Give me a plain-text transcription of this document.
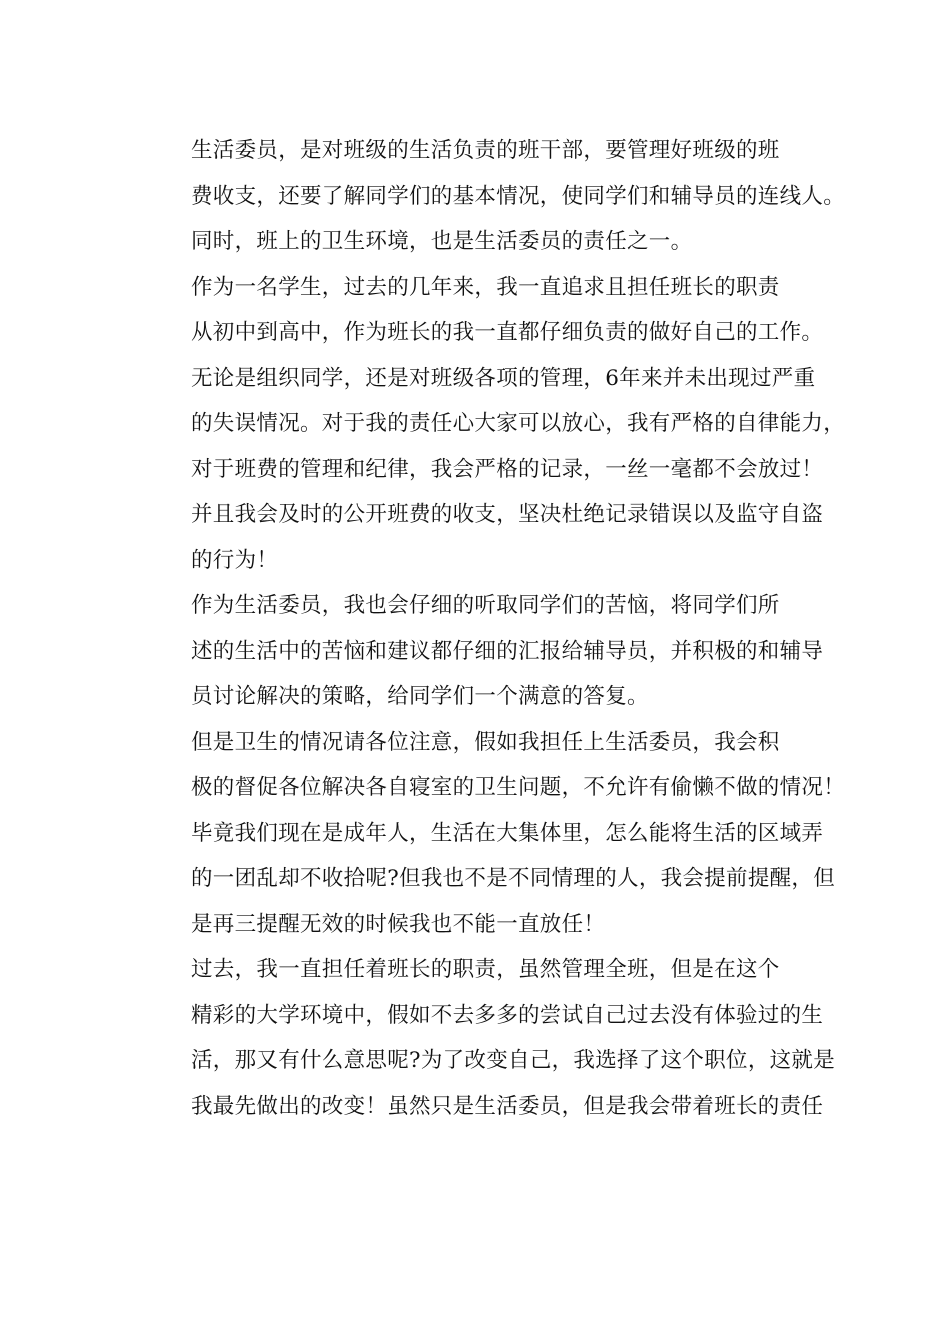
生活委员，是对班级的生活负责的班干部，要管理好班级的班
费收支，还要了解同学们的基本情况，使同学们和辅导员的连线人。
同时，班上的卫生环境，也是生活委员的责任之一。

作为一名学生，过去的几年来，我一直追求且担任班长的职责
从初中到高中，作为班长的我一直都仔细负责的做好自己的工作。
无论是组织同学，还是对班级各项的管理，6年来并未出现过严重
的失误情况。对于我的责任心大家可以放心，我有严格的自律能力，
对于班费的管理和纪律，我会严格的记录，一丝一毫都不会放过！
并且我会及时的公开班费的收支，坚决杜绝记录错误以及监守自盗
的行为！

作为生活委员，我也会仔细的听取同学们的苦恼，将同学们所
述的生活中的苦恼和建议都仔细的汇报给辅导员，并积极的和辅导
员讨论解决的策略，给同学们一个满意的答复。

但是卫生的情况请各位注意，假如我担任上生活委员，我会积
极的督促各位解决各自寝室的卫生问题，不允许有偷懒不做的情况！
毕竟我们现在是成年人，生活在大集体里，怎么能将生活的区域弄
的一团乱却不收拾呢?但我也不是不同情理的人，我会提前提醒，但
是再三提醒无效的时候我也不能一直放任！

过去，我一直担任着班长的职责，虽然管理全班，但是在这个
精彩的大学环境中，假如不去多多的尝试自己过去没有体验过的生
活，那又有什么意思呢?为了改变自己，我选择了这个职位，这就是
我最先做出的改变！虽然只是生活委员，但是我会带着班长的责任
